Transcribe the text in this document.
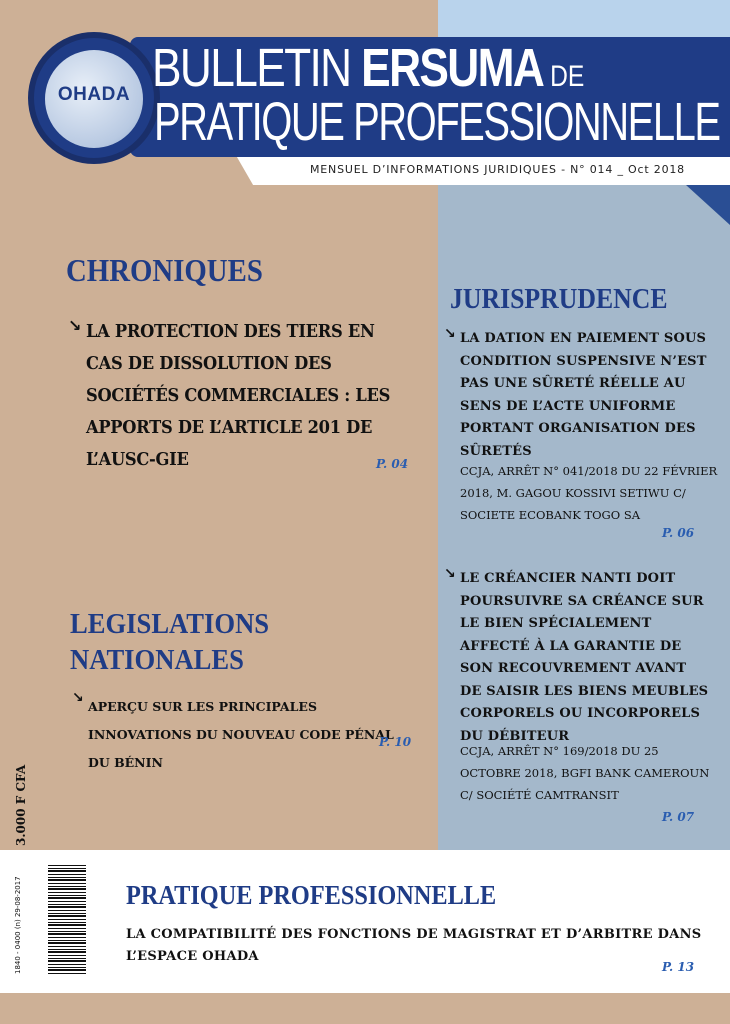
OHADA BULLETIN ERSUMA DE
PRATIQUE PROFESSIONNELLE
MENSUEL D’INFORMATIONS JURIDIQUES - N° 014 _ Oct 2018
CHRONIQUES
↘ LA PROTECTION DES TIERS EN CAS DE DISSOLUTION DES SOCIÉTÉS COMMERCIALES : LES APPORTS DE L’ARTICLE 201 DE L’AUSC-GIE	P. 04
LEGISLATIONS
NATIONALES
↘
APERÇU SUR LES PRINCIPALES INNOVATIONS DU NOUVEAU CODE PÉNAL DU BÉNIN
P. 10
JURISPRUDENCE
↘ LA DATION EN PAIEMENT SOUS CONDITION SUSPENSIVE N’EST PAS UNE SÛRETÉ RÉELLE AU SENS DE L’ACTE UNIFORME PORTANT ORGANISATION DES SÛRETÉS
CCJA, ARRÊT N° 041/2018 DU 22 FÉVRIER 2018, M. GAGOU KOSSIVI SETIWU C/ SOCIETE ECOBANK TOGO SA
P. 06
↘ LE CRÉANCIER NANTI DOIT POURSUIVRE SA CRÉANCE SUR LE BIEN SPÉCIALEMENT AFFECTÉ À LA GARANTIE DE SON RECOUVREMENT AVANT DE SAISIR LES BIENS MEUBLES CORPORELS OU INCORPORELS DU DÉBITEUR
CCJA, ARRÊT N° 169/2018 DU 25 OCTOBRE 2018, BGFI BANK CAMEROUN C/ SOCIÉTÉ CAMTRANSIT
P. 07
3.000 F CFA
1840 - 0400 (n) 29-08-2017	PRATIQUE PROFESSIONNELLE
LA COMPATIBILITÉ DES FONCTIONS DE MAGISTRAT ET D’ARBITRE DANS L’ESPACE OHADA
P. 13
